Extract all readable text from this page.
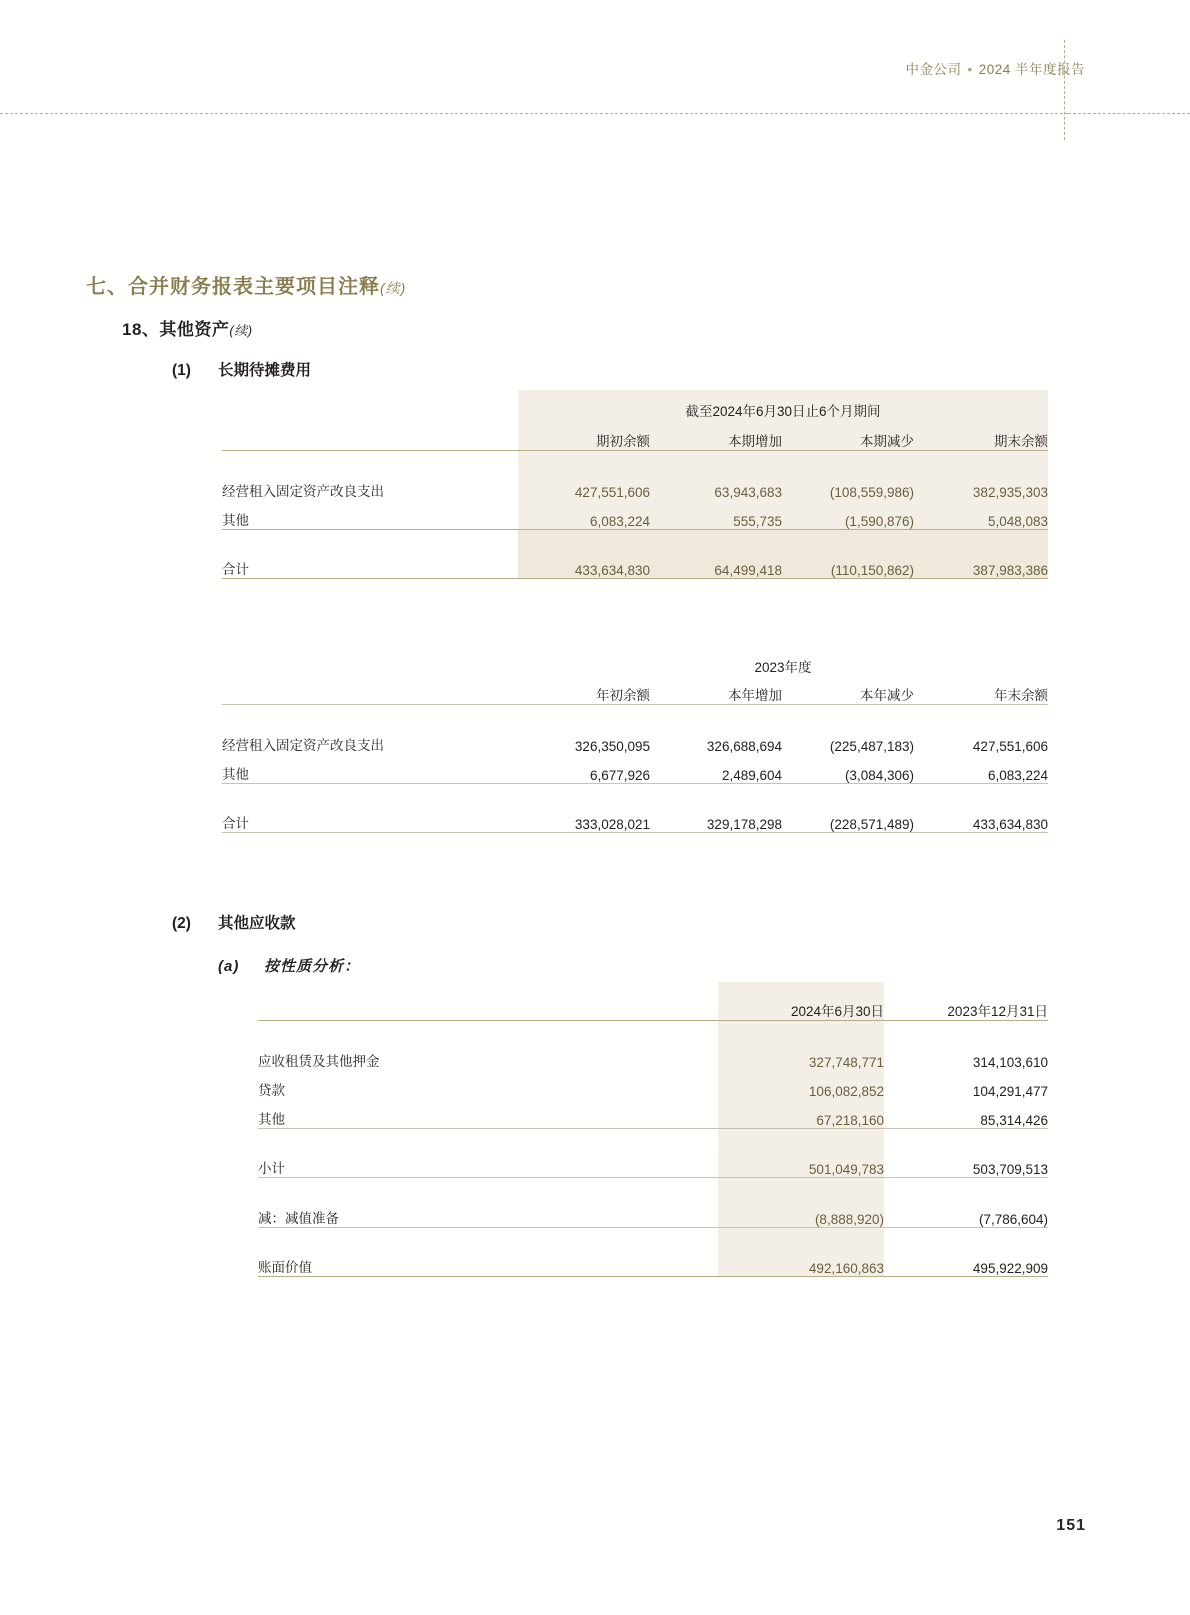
中金公司 • 2024 半年度报告
七、合并财务报表主要项目注释(续)
18、其他资产(续)
(1) 长期待摊费用
	截至2024年6月30日止6个月期间			
	期初余额	本期增加	本期减少	期末余额

经营租入固定资产改良支出	427,551,606	63,943,683	(108,559,986)	382,935,303
其他	6,083,224	555,735	(1,590,876)	5,048,083

合计	433,634,830	64,499,418	(110,150,862)	387,983,386
	2023年度			
	年初余额	本年增加	本年减少	年末余额

经营租入固定资产改良支出	326,350,095	326,688,694	(225,487,183)	427,551,606
其他	6,677,926	2,489,604	(3,084,306)	6,083,224

合计	333,028,021	329,178,298	(228,571,489)	433,634,830
(2) 其他应收款
(a) 按性质分析：
	2024年6月30日	2023年12月31日

应收租赁及其他押金	327,748,771	314,103,610
贷款	106,082,852	104,291,477
其他	67,218,160	85,314,426

小计	501,049,783	503,709,513

减：减值准备	(8,888,920)	(7,786,604)

账面价值	492,160,863	495,922,909
151
